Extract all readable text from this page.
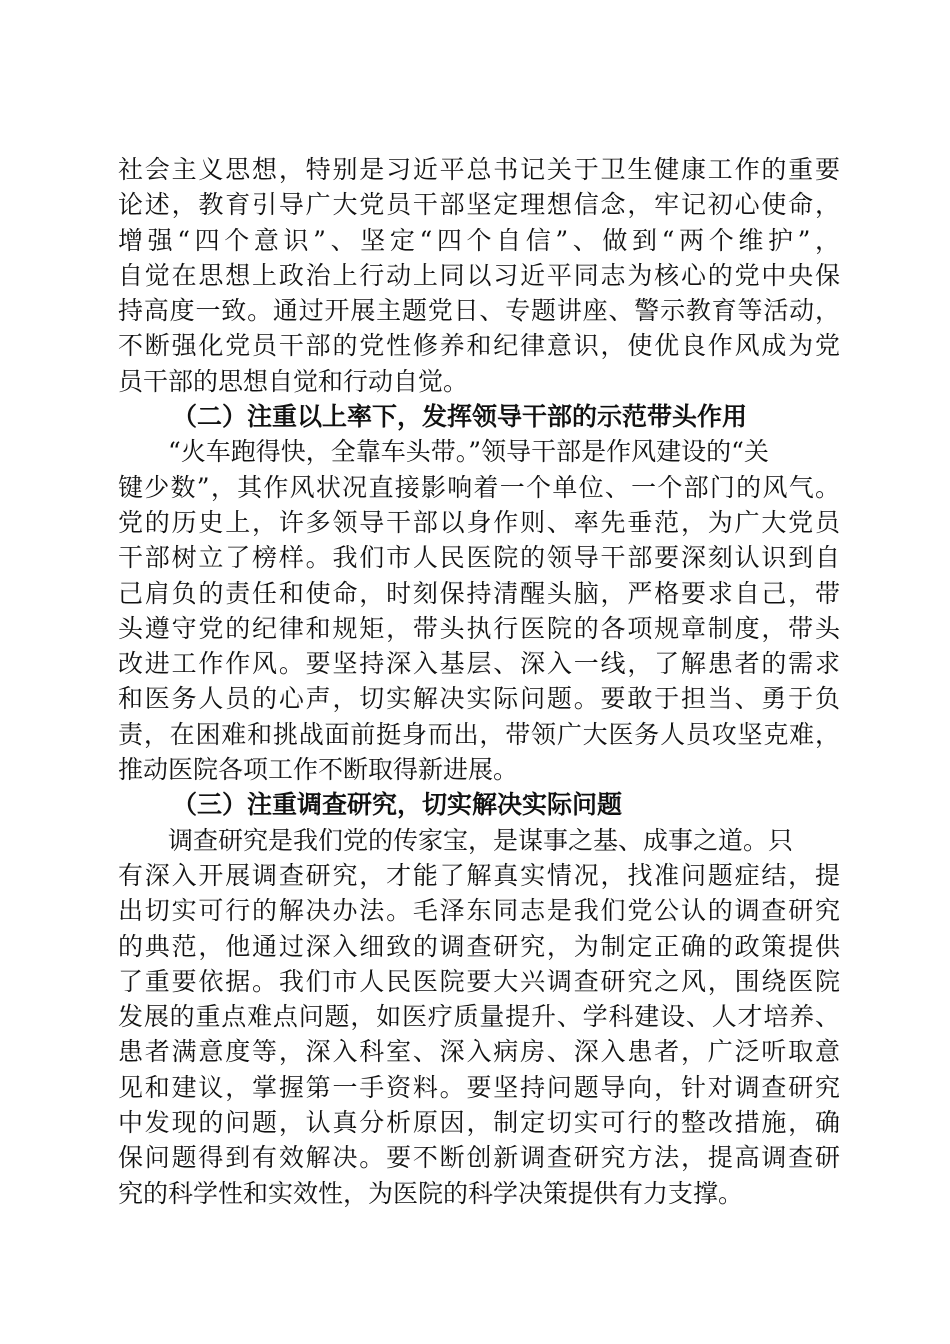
社会主义思想，特别是习近平总书记关于卫生健康工作的重要
论述，教育引导广大党员干部坚定理想信念，牢记初心使命，
增强“四个意识”、坚定“四个自信”、做到“两个维护”，
自觉在思想上政治上行动上同以习近平同志为核心的党中央保
持高度一致。通过开展主题党日、专题讲座、警示教育等活动，
不断强化党员干部的党性修养和纪律意识，使优良作风成为党
员干部的思想自觉和行动自觉。
（二）注重以上率下，发挥领导干部的示范带头作用
“火车跑得快，全靠车头带。”领导干部是作风建设的“关
键少数”，其作风状况直接影响着一个单位、一个部门的风气。
党的历史上，许多领导干部以身作则、率先垂范，为广大党员
干部树立了榜样。我们市人民医院的领导干部要深刻认识到自
己肩负的责任和使命，时刻保持清醒头脑，严格要求自己，带
头遵守党的纪律和规矩，带头执行医院的各项规章制度，带头
改进工作作风。要坚持深入基层、深入一线，了解患者的需求
和医务人员的心声，切实解决实际问题。要敢于担当、勇于负
责，在困难和挑战面前挺身而出，带领广大医务人员攻坚克难，
推动医院各项工作不断取得新进展。
（三）注重调查研究，切实解决实际问题
调查研究是我们党的传家宝，是谋事之基、成事之道。只
有深入开展调查研究，才能了解真实情况，找准问题症结，提
出切实可行的解决办法。毛泽东同志是我们党公认的调查研究
的典范，他通过深入细致的调查研究，为制定正确的政策提供
了重要依据。我们市人民医院要大兴调查研究之风，围绕医院
发展的重点难点问题，如医疗质量提升、学科建设、人才培养、
患者满意度等，深入科室、深入病房、深入患者，广泛听取意
见和建议，掌握第一手资料。要坚持问题导向，针对调查研究
中发现的问题，认真分析原因，制定切实可行的整改措施，确
保问题得到有效解决。要不断创新调查研究方法，提高调查研
究的科学性和实效性，为医院的科学决策提供有力支撑。
